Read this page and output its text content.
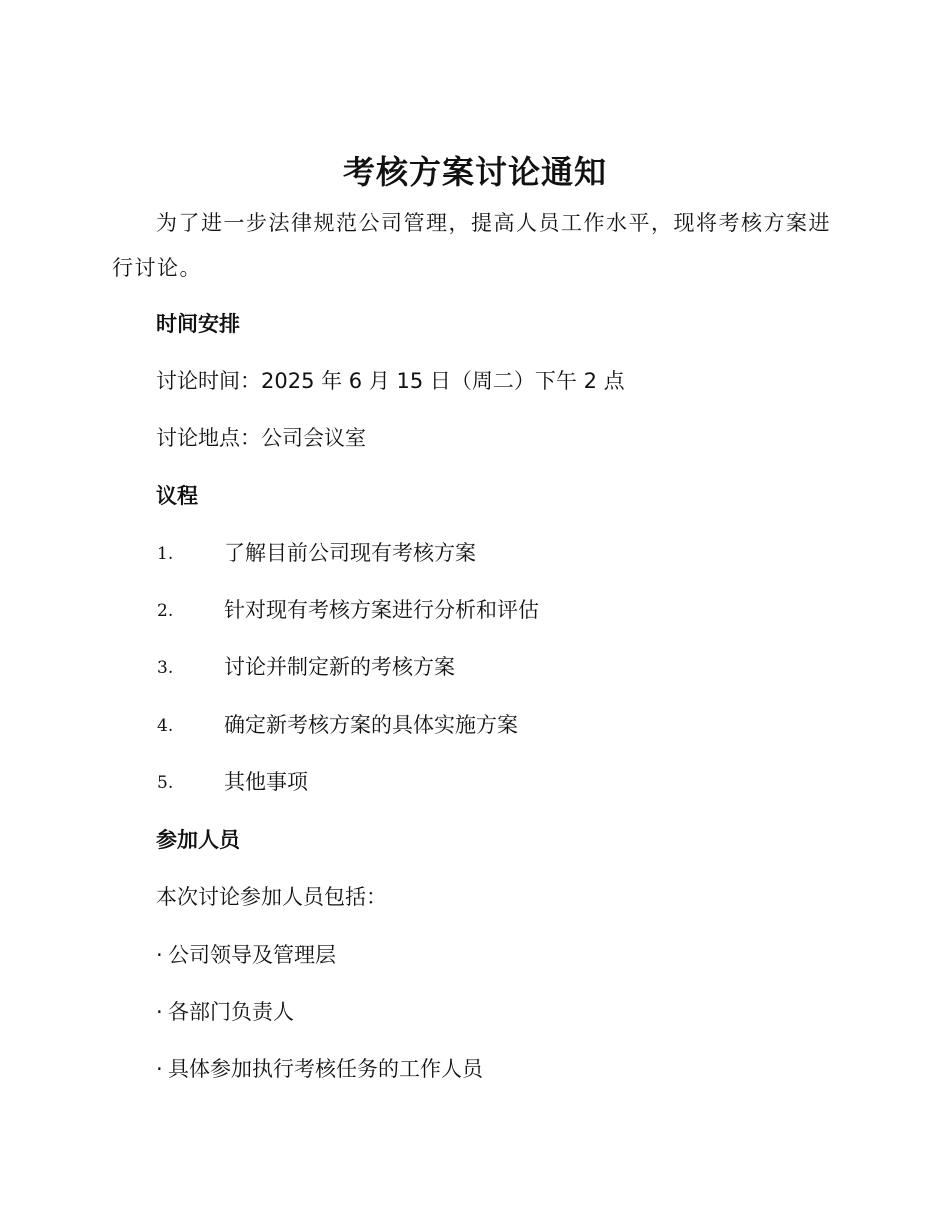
考核方案讨论通知
为了进一步法律规范公司管理，提高人员工作水平，现将考核方案进行讨论。
时间安排
讨论时间：2025 年 6 月 15 日（周二）下午 2 点
讨论地点：公司会议室
议程
1. 了解目前公司现有考核方案
2. 针对现有考核方案进行分析和评估
3. 讨论并制定新的考核方案
4. 确定新考核方案的具体实施方案
5. 其他事项
参加人员
本次讨论参加人员包括：
· 公司领导及管理层
· 各部门负责人
· 具体参加执行考核任务的工作人员
